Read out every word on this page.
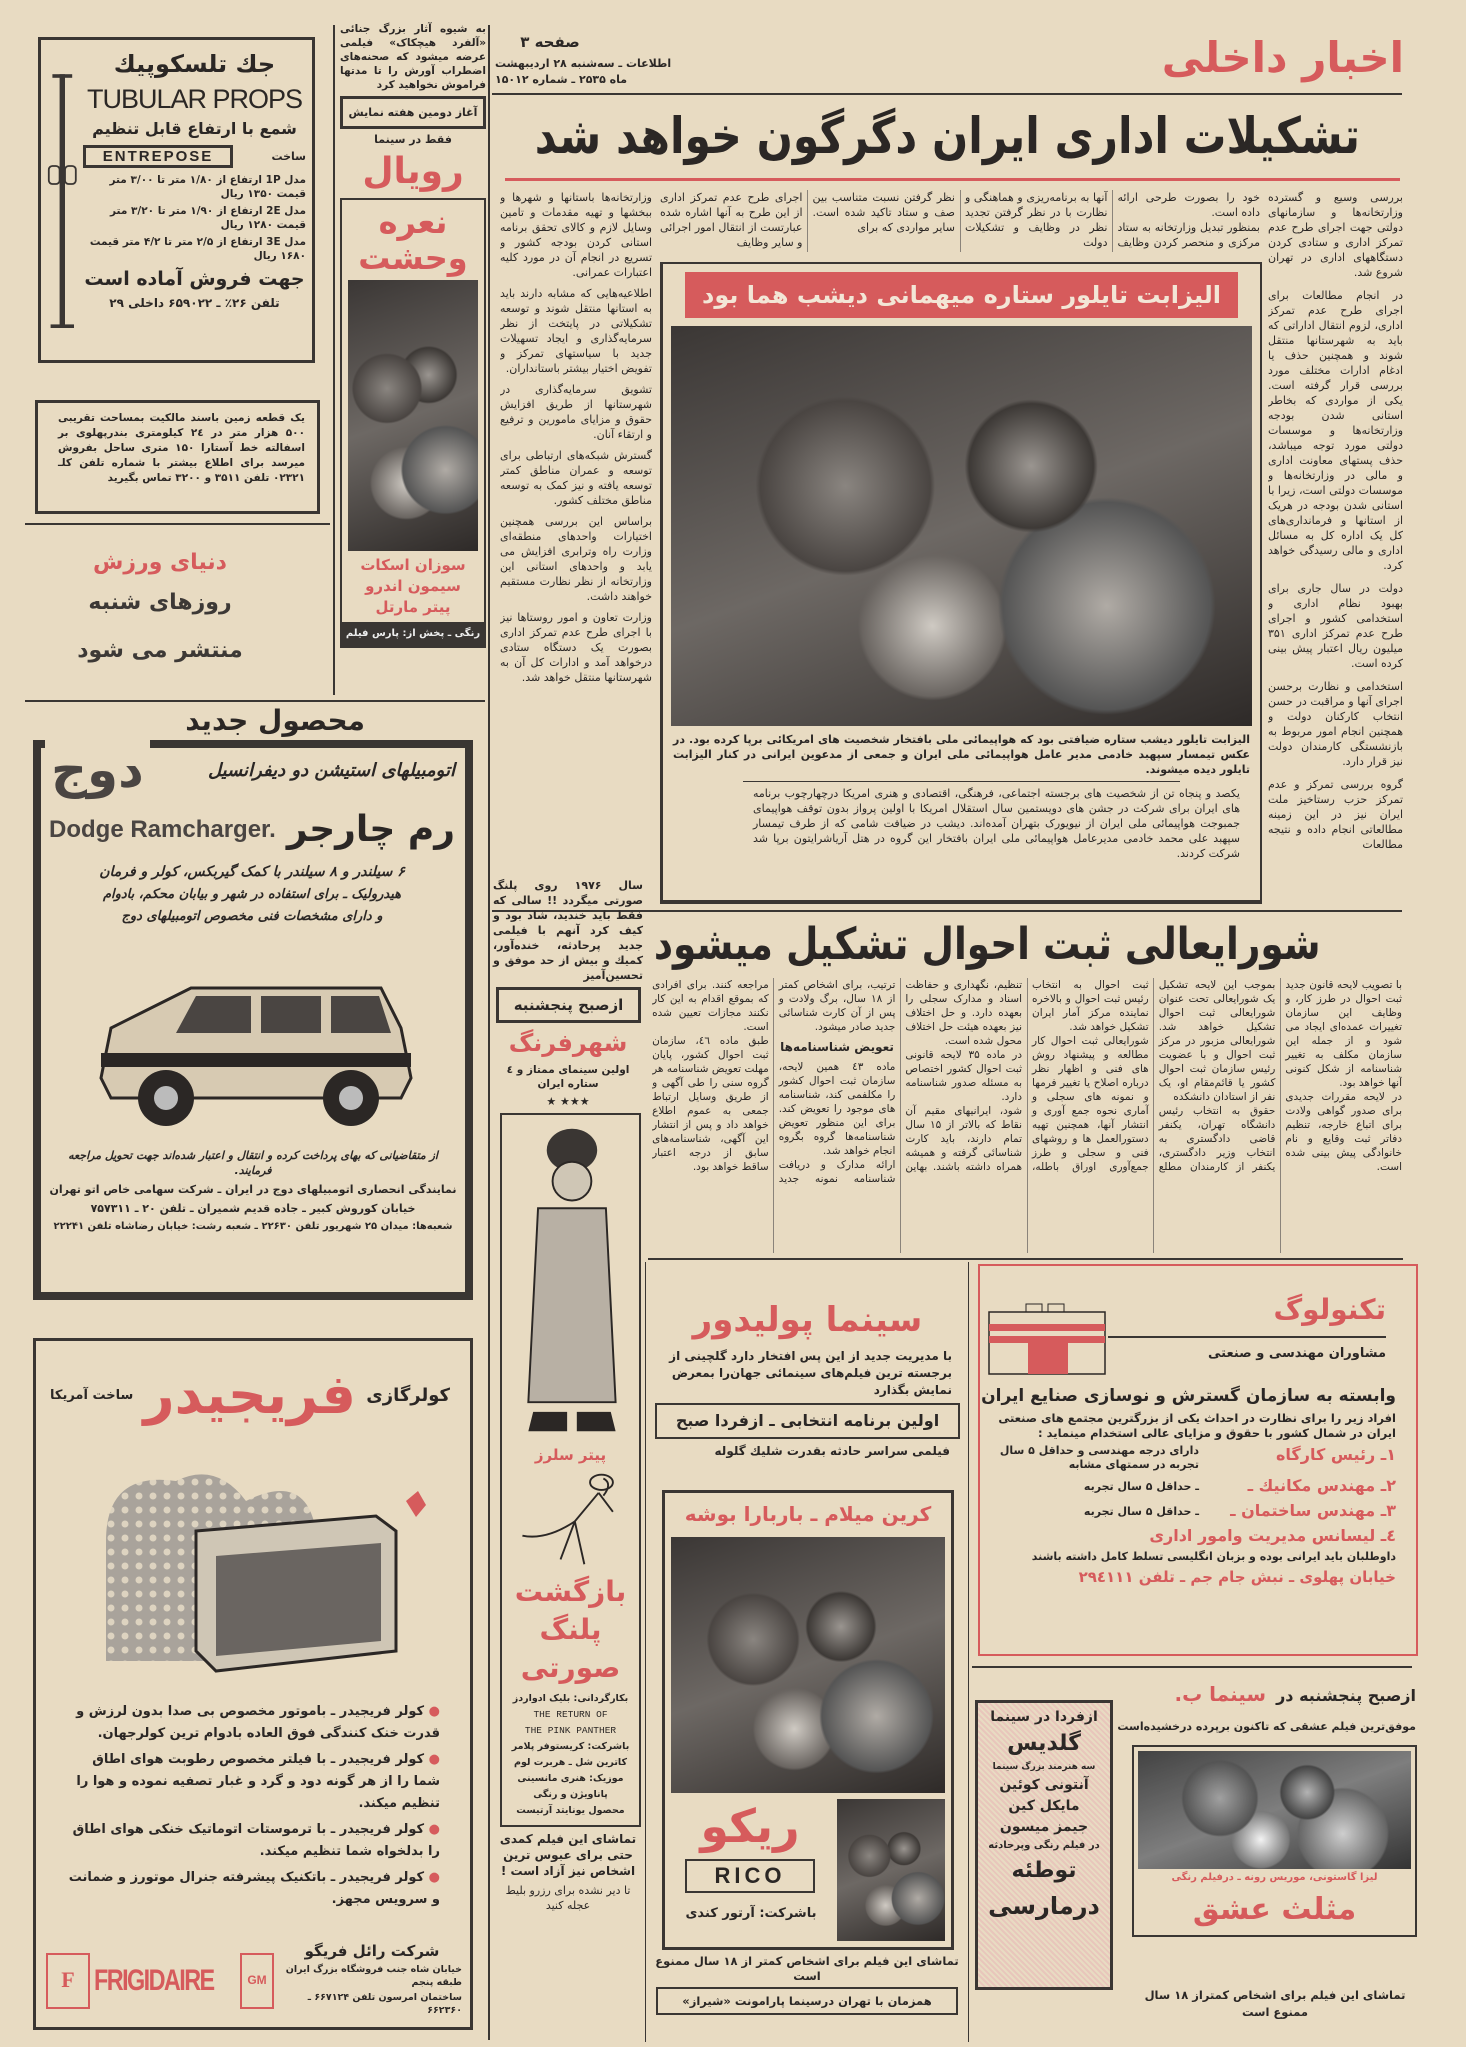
اخبار داخلی
صفحه ۳
اطلاعات ـ سه‌شنبه ۲۸ اردیبهشت
ماه ۲۵۳۵ ـ شماره ۱۵۰۱۲
تشکیلات اداری ایران دگرگون خواهد شد

بررسی وسیع و گسترده وزارتخانه‌ها و سازمانهای دولتی جهت اجرای طرح عدم تمرکز اداری و ستادی کردن دستگاههای اداری در تهران شروع شد.

در انجام مطالعات برای اجرای طرح عدم تمرکز اداری، لزوم انتقال اداراتی که باید به شهرستانها منتقل شوند و همچنین حذف یا ادغام ادارات مختلف مورد بررسی قرار گرفته است. یکی از مواردی که بخاطر استانی شدن بودجه وزارتخانه‌ها و موسسات دولتی مورد توجه میباشد، حذف پستهای معاونت اداری و مالی در وزارتخانه‌ها و موسسات دولتی است، زیرا با استانی شدن بودجه در هریک از استانها و فرمانداری‌های کل یک اداره کل به مسائل اداری و مالی رسیدگی خواهد کرد.

دولت در سال جاری برای بهبود نظام اداری و استخدامی کشور و اجرای طرح عدم تمرکز اداری ۳۵۱ میلیون ریال اعتبار پیش بینی کرده است.

استخدامی و نظارت برحسن اجرای آنها و مراقبت در حسن انتخاب کارکنان دولت و همچنین انجام امور مربوط به بازنشستگی کارمندان دولت نیز قرار دارد.

گروه بررسی تمرکز و عدم تمرکز حزب رستاخیز ملت ایران نیز در این زمینه مطالعاتی انجام داده و نتیجه مطالعات

خود را بصورت طرحی ارائه داده است.

بمنظور تبدیل وزارتخانه به ستاد مرکزی و منحصر کردن وظایف آنها به برنامه‌ریزی و هماهنگی و نظارت با در نظر گرفتن تجدید نظر در وظایف و تشکیلات دولت

نظر گرفتن نسبت متناسب بین صف و ستاد تاکید شده است. سایر مواردی که برای

اجرای طرح عدم تمرکز اداری از این طرح به آنها اشاره شده عبارتست از انتقال امور اجرائی و سایر وظایف

وزارتخانه‌ها باستانها و شهرها و ببخشها و تهیه مقدمات و تامین وسایل لازم و کالای تحقق برنامه استانی کردن بودجه کشور و تسریع در انجام آن در مورد کلیه اعتبارات عمرانی.

اطلاعیه‌هایی که مشابه دارند باید به استانها منتقل شوند و توسعه تشکیلاتی در پایتخت از نظر سرمایه‌گذاری و ایجاد تسهیلات جدید با سیاستهای تمرکز و تفویض اختیار بیشتر باستانداران.

تشویق سرمایه‌گذاری در شهرستانها از طریق افزایش حقوق و مزایای مامورین و ترفیع و ارتقاء آنان.

گسترش شبکه‌های ارتباطی برای توسعه و عمران مناطق کمتر توسعه یافته و نیز کمک به توسعه مناطق مختلف کشور.

براساس این بررسی همچنین اختیارات واحدهای منطقه‌ای وزارت راه وترابری افزایش می یابد و واحدهای استانی این وزارتخانه از نظر نظارت مستقیم خواهند داشت.

وزارت تعاون و امور روستاها نیز با اجرای طرح عدم تمرکز اداری بصورت یک دستگاه ستادی درخواهد آمد و ادارات کل آن به شهرستانها منتقل خواهد شد.

الیزابت تایلور ستاره میهمانی دیشب هما بود

الیزابت تایلور دیشب ستاره ضیافتی بود که هواپیمائی ملی بافتخار شخصیت های امریکائی برپا کرده بود. در عکس تیمسار سپهبد خادمی مدیر عامل هواپیمائی ملی ایران و جمعی از مدعوین ایرانی در کنار الیزابت تایلور دیده میشوند.

یکصد و پنجاه تن از شخصیت های برجسته اجتماعی، فرهنگی، اقتصادی و هنری امریکا درچهارچوب برنامه های ایران برای شرکت در جشن های دویستمین سال استقلال امریکا با اولین پرواز بدون توقف هواپیمای جمبوجت هواپیمائی ملی ایران از نیویورک بتهران آمده‌اند. دیشب در ضیافت شامی که از طرف تیمسار سپهبد علی محمد خادمی مدیرعامل هواپیمائی ملی ایران بافتخار این گروه در هتل آریاشرایتون برپا شد شرکت کردند.

شورایعالی ثبت احوال تشکیل میشود

با تصویب لایحه قانون جدید ثبت احوال در طرز کار، و وظایف این سازمان تغییرات عمده‌ای ایجاد می شود و از جمله این سازمان مکلف به تغییر شناسنامه از شکل کنونی آنها خواهد بود.

در لایحه مقررات جدیدی برای صدور گواهی ولادت برای اتباع خارجه، تنظیم دفاتر ثبت وقایع و نام خانوادگی پیش بینی شده است.

بموجب این لایحه تشکیل یک شورایعالی تحت عنوان شورایعالی ثبت احوال تشکیل خواهد شد. شورایعالی مزبور در مرکز ثبت احوال و با عضویت رئیس سازمان ثبت احوال کشور یا قائم‌مقام او، یک نفر از استادان دانشکده

حقوق به انتخاب رئیس دانشگاه تهران، یکنفر قاضی دادگستری به انتخاب وزیر دادگستری، یکنفر از کارمندان مطلع ثبت احوال به انتخاب رئیس ثبت احوال و بالاخره نماینده مرکز آمار ایران تشکیل خواهد شد.

شورایعالی ثبت احوال کار مطالعه و پیشنهاد روش های فنی و اظهار نظر درباره اصلاح یا تغییر فرمها و نمونه های سجلی و آماری نحوه جمع آوری و انتشار آنها، همچنین تهیه دستورالعمل ها و روشهای فنی و سجلی و طرز جمع‌آوری اوراق باطله، تنظیم، نگهداری و حفاظت اسناد و مدارک سجلی را بعهده دارد. و حل اختلاف نیز بعهده هیئت حل اختلاف محول شده است.

در ماده ۳۵ لایحه قانونی ثبت احوال کشور اختصاص به مسئله صدور شناسنامه دارد.

شود، ایرانیهای مقیم آن نقاط که بالاتر از ۱۵ سال تمام دارند، باید کارت شناسائی گرفته و همیشه همراه داشته باشند. بهاین ترتیب، برای اشخاص کمتر از ۱۸ سال، برگ ولادت و پس از آن کارت شناسائی جدید صادر میشود.

تعویض شناسنامه‌ها

ماده ٤٣ همین لایحه، سازمان ثبت احوال کشور را مکلفمی کند، شناسنامه های موجود را تعویض کند. برای این منظور تعویض شناسنامه‌ها گروه بگروه انجام خواهد شد.

ارائه مدارک و دریافت شناسنامه نمونه جدید مراجعه کنند. برای افرادی که بموقع اقدام به این کار نکنند مجازات تعیین شده است.

طبق ماده ٤٦، سازمان ثبت احوال کشور، پایان مهلت تعویض شناسنامه هر گروه سنی را طی آگهی و از طریق وسایل ارتباط جمعی به عموم اطلاع خواهد داد و پس از انتشار این آگهی، شناسنامه‌های سابق از درجه اعتبار ساقط خواهد بود.

جك تلسكوپيك
TUBULAR PROPS
شمع با ارتفاع قابل تنظیم
ساخت
ENTREPOSE
مدل 1P ارتفاع از ۱/۸۰ متر تا ۳/۰۰ متر قیمت ۱۳۵۰ ریال
مدل 2E ارتفاع از ۱/۹۰ متر تا ۳/۲۰ متر قیمت ۱۲۸۰ ریال
مدل 3E ارتفاع از ۲/۵ متر تا ۴/۲ متر قیمت ۱۶۸۰ ریال
جهت فروش آماده است
تلفن ۲۶٪ ـ ۶۵۹۰۲۲ داخلی ۲۹

یک قطعه زمین باسند مالکیت بمساحت تقریبی ۵۰۰ هزار متر در ۲٤ کیلومتری بندرپهلوی بر اسفالته خط آستارا ۱۵۰ متری ساحل بفروش میرسد برای اطلاع بیشتر با شماره تلفن کلـ ۰۲۳۲۱ تلفن ۳۵۱۱ و ۳۲۰۰ تماس بگیرید

دنیای ورزش
روزهای شنبه
منتشر می شود

به شیوه آثار بزرگ جنائی «آلفرد هیچکاک» فیلمی عرضه میشود که صحنه‌های اضطراب آورش را تا مدتها فراموش نخواهید کرد

آغاز دومین هفته نمایش
فقط در سینما
رویال
نعره وحشت
سوزان اسکات
سیمون اندرو
پیتر مارتل
رنگی ـ پخش از: پارس فیلم
محصول جدید
اتومبیلهای استیشن دو دیفرانسیل
دوج
رم چارجر
Dodge Ramcharger.
۶ سیلندر و ۸ سیلندر با کمک گیربکس، کولر و فرمان
هیدرولیک ـ برای استفاده در شهر و بیابان محکم، بادوام
و دارای مشخصات فنی مخصوص اتومبیلهای دوج

از متقاضیانی که بهای پرداخت کرده و انتقال و اعتبار شده‌اند جهت تحویل مراجعه فرمایند.

نمایندگی انحصاری اتومبیلهای دوج در ایران ـ شرکت سهامی خاص اتو تهران

خیابان کوروش کبیر ـ جاده قدیم شمیران ـ تلفن ۲۰ ـ ۷۵۷۳۱۱

شعبه‌ها: میدان ۲۵ شهریور تلفن ۲۲۶۳۰ ـ شعبه رشت: خیابان رضاشاه تلفن ۲۲۲۴۱

کولرگازی
فریجیدر
ساخت آمریکا

● کولر فریجیدر ـ باموتور مخصوص بی صدا بدون لرزش و قدرت خنک کنندگی فوق العاده بادوام ترین کولرجهان.

● کولر فریجیدر ـ با فیلتر مخصوص رطوبت هوای اطاق شما را از هر گونه دود و گرد و غبار تصفیه نموده و هوا را تنظیم میکند.

● کولر فریجیدر ـ با ترموستات اتوماتیک خنکی هوای اطاق را بدلخواه شما تنظیم میکند.

● کولر فریجیدر ـ باتکنیک پیشرفته جنرال موتورز و ضمانت و سرویس مجهز.

F FRIGIDAIRE	GM
شرکت رائل فریگو
خیابان شاه جنب فروشگاه بزرگ ایران طبقه پنجم
ساختمان امرسون تلفن ۶۶۷۱۲۴ ـ ۶۶۲۳۶۰

سال ۱۹۷۶ روی پلنگ صورتی میگردد !! سالی که فقط باید خندید، شاد بود و کیف کرد آنهم با فیلمی جدید پرحادثه، خنده‌آور، کمیك و بیش از حد موفق و تحسین‌آمیز

ازصبح پنجشنبه
شهرفرنگ
اولین سینمای ممتاز و ٤ ستاره ایران
★★★ ★
پیتر سلرز
بازگشت پلنگ صورتی
بکارگردانی: بلیک ادواردز
THE RETURN OF
THE PINK PANTHER
باشرکت: کریستوفر پلامر
کاترین شل ـ هربرت لوم
موزیک: هنری مانسینی
پاناویژن و رنگی
محصول یونایتد آرتیست

تماشای این فیلم کمدی حتی برای عبوس ترین اشخاص نیز آزاد است !

تا دیر نشده برای رزرو بلیط عجله کنید

سینما پولیدور

با مدیریت جدید از این پس افتخار دارد گلچینی از برجسته ترین فیلم‌های سینمائی جهان‌را بمعرض نمایش بگذارد

اولین برنامه انتخابی ـ ازفردا صبح
فیلمی سراسر حادثه بقدرت شلیك گلوله
کرین میلام ـ باربارا بوشه
ریکو
RICO
باشرکت: آرتور کندی
تماشای این فیلم برای اشخاص کمتر از ۱۸ سال ممنوع است
همزمان با تهران درسینما پارامونت «شیراز»
تکنولوگ
مشاوران مهندسی و صنعتی
وابسته به سازمان گسترش و نوسازی صنایع ایران

افراد زیر را برای نظارت در احداث یکی از بزرگترین مجتمع های صنعتی ایران در شمال کشور با حقوق و مزایای عالی استخدام مینماید :

۱ـ رئیس کارگاه
دارای درجه مهندسی و حداقل ۵ سال تجربه در سمتهای مشابه
۲ـ مهندس مکانیك ـ
ـ حداقل ۵ سال تجربه
۳ـ مهندس ساختمان ـ
ـ حداقل ۵ سال تجربه
٤ـ لیسانس مدیریت وامور اداری
داوطلبان باید ایرانی بوده و بزبان انگلیسی تسلط کامل داشته باشند
خیابان پهلوی ـ نبش جام جم ـ تلفن ۲۹٤۱۱۱
ازفردا در سینما
گلدیس
سه هنرمند بزرگ سینما
آنتونی کوئین
مایکل کین
جیمز میسون
در فیلم رنگی وپرحادثه
توطئه
درمارسی
ازصبح پنجشنبه در
سینما ب.
موفق‌ترین فیلم عشقی که تاکنون برپرده درخشیده‌است
لیزا گاستونی، موریس رونه ـ درفیلم رنگی
مثلث عشق

تماشای این فیلم برای اشخاص کمتراز ۱۸ سال ممنوع است
